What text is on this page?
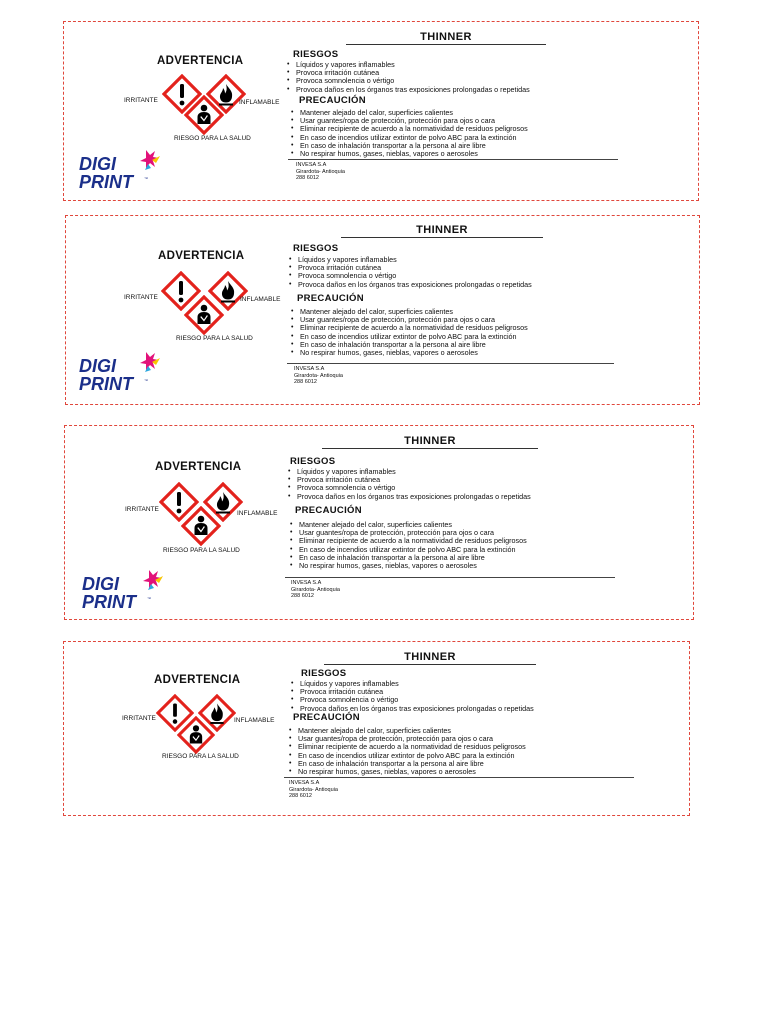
ADVERTENCIA
IRRITANTE	INFLAMABLE
RIESGO PARA LA SALUD
DIGI
PRINT	™
THINNER
RIESGOS
• Líquidos y vapores inflamables
• Provoca irritación cutánea
• Provoca somnolencia o vértigo
• Provoca daños en los órganos tras exposiciones prolongadas o repetidas
PRECAUCIÓN
• Mantener alejado del calor, superficies calientes
• Usar guantes/ropa de protección, protección para ojos o cara
• Eliminar recipiente de acuerdo a la normatividad de residuos peligrosos
• En caso de incendios utilizar extintor de polvo ABC para la extinción
• En caso de inhalación transportar a la persona al aire libre
• No respirar humos, gases, nieblas, vapores o aerosoles
INVESA S.A
Girardota- Antioquia
288 6012
ADVERTENCIA
IRRITANTE	INFLAMABLE
RIESGO PARA LA SALUD
DIGI
PRINT	™
THINNER
RIESGOS
• Líquidos y vapores inflamables
• Provoca irritación cutánea
• Provoca somnolencia o vértigo
• Provoca daños en los órganos tras exposiciones prolongadas o repetidas
PRECAUCIÓN
• Mantener alejado del calor, superficies calientes
• Usar guantes/ropa de protección, protección para ojos o cara
• Eliminar recipiente de acuerdo a la normatividad de residuos peligrosos
• En caso de incendios utilizar extintor de polvo ABC para la extinción
• En caso de inhalación transportar a la persona al aire libre
• No respirar humos, gases, nieblas, vapores o aerosoles
INVESA S.A
Girardota- Antioquia
288 6012
ADVERTENCIA
IRRITANTE
INFLAMABLE
RIESGO PARA LA SALUD
DIGI
PRINT	™
THINNER
RIESGOS
• Líquidos y vapores inflamables
• Provoca irritación cutánea
• Provoca somnolencia o vértigo
• Provoca daños en los órganos tras exposiciones prolongadas o repetidas
PRECAUCIÓN
• Mantener alejado del calor, superficies calientes
• Usar guantes/ropa de protección, protección para ojos o cara
• Eliminar recipiente de acuerdo a la normatividad de residuos peligrosos
• En caso de incendios utilizar extintor de polvo ABC para la extinción
• En caso de inhalación transportar a la persona al aire libre
• No respirar humos, gases, nieblas, vapores o aerosoles
INVESA S.A
Girardota- Antioquia
288 6012
ADVERTENCIA
IRRITANTE	INFLAMABLE
RIESGO PARA LA SALUD
THINNER
RIESGOS
• Líquidos y vapores inflamables
• Provoca irritación cutánea
• Provoca somnolencia o vértigo
• Provoca daños en los órganos tras exposiciones prolongadas o repetidas
PRECAUCIÓN
• Mantener alejado del calor, superficies calientes
• Usar guantes/ropa de protección, protección para ojos o cara
• Eliminar recipiente de acuerdo a la normatividad de residuos peligrosos
• En caso de incendios utilizar extintor de polvo ABC para la extinción
• En caso de inhalación transportar a la persona al aire libre
• No respirar humos, gases, nieblas, vapores o aerosoles
INVESA S.A
Girardota- Antioquia
288 6012
